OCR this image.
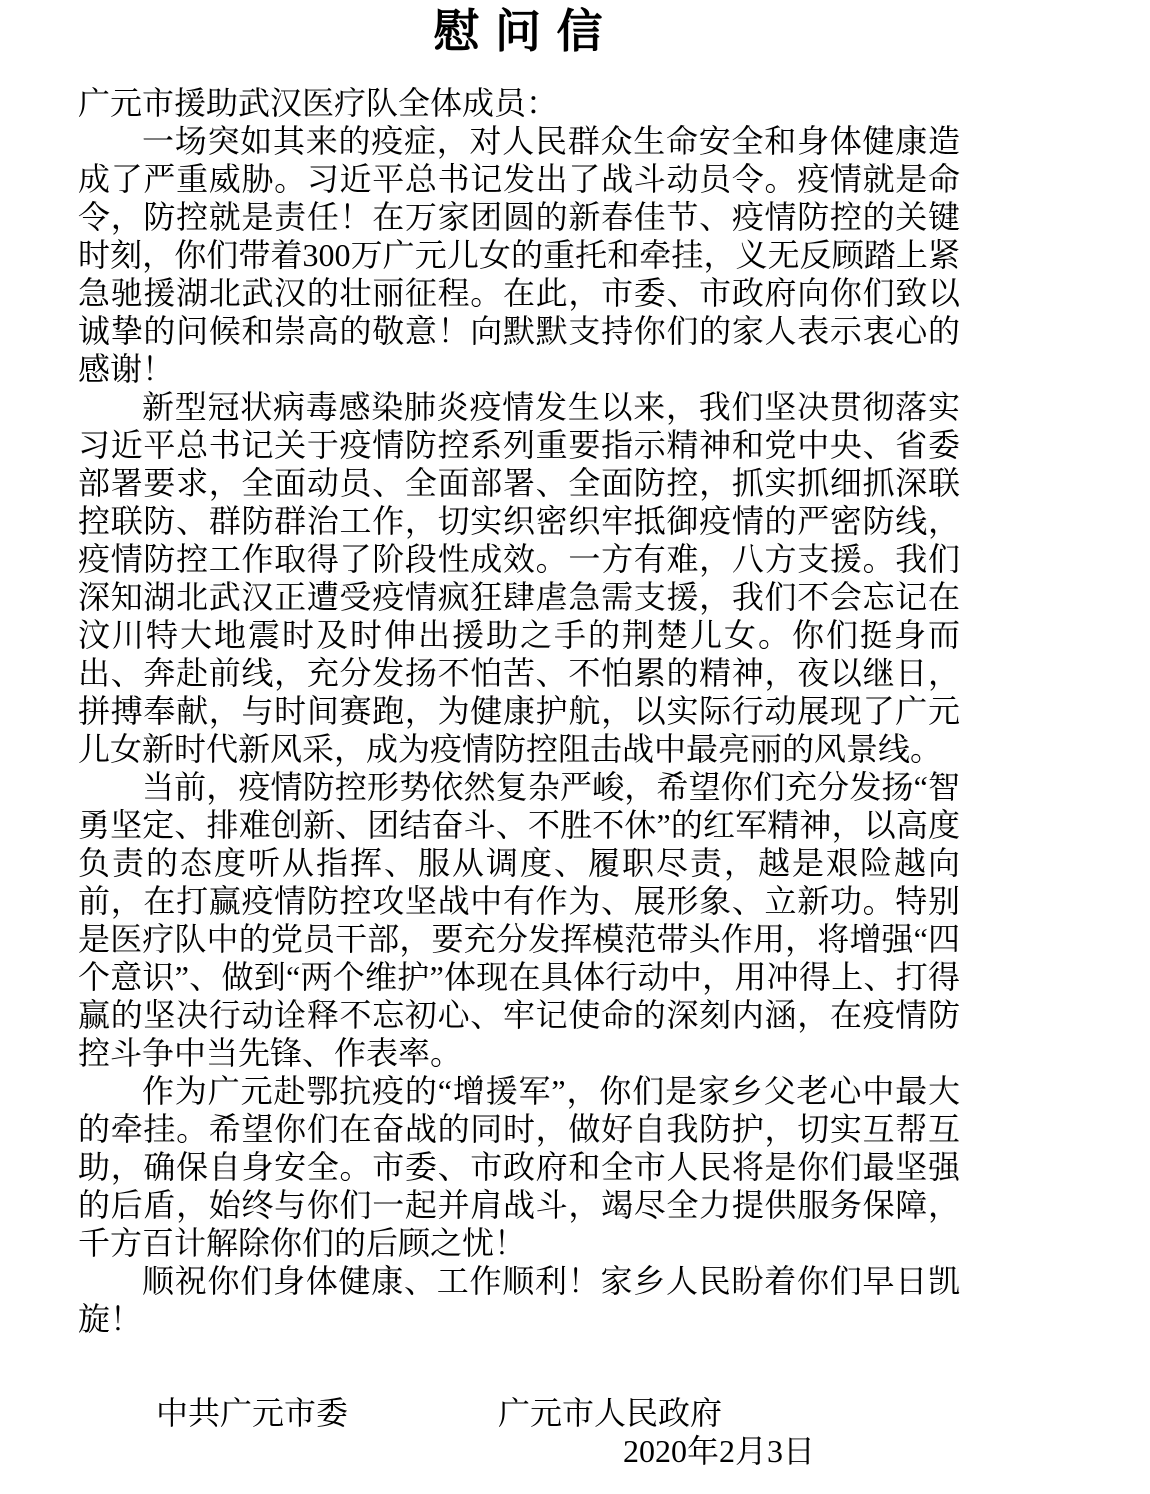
慰 问 信

广元市援助武汉医疗队全体成员：

一场突如其来的疫症，对人民群众生命安全和身体健康造成了严重威胁。习近平总书记发出了战斗动员令。疫情就是命令，防控就是责任！在万家团圆的新春佳节、疫情防控的关键时刻，你们带着300万广元儿女的重托和牵挂，义无反顾踏上紧急驰援湖北武汉的壮丽征程。在此，市委、市政府向你们致以诚挚的问候和崇高的敬意！向默默支持你们的家人表示衷心的感谢！

新型冠状病毒感染肺炎疫情发生以来，我们坚决贯彻落实习近平总书记关于疫情防控系列重要指示精神和党中央、省委部署要求，全面动员、全面部署、全面防控，抓实抓细抓深联控联防、群防群治工作，切实织密织牢抵御疫情的严密防线，疫情防控工作取得了阶段性成效。一方有难，八方支援。我们深知湖北武汉正遭受疫情疯狂肆虐急需支援，我们不会忘记在汶川特大地震时及时伸出援助之手的荆楚儿女。你们挺身而出、奔赴前线，充分发扬不怕苦、不怕累的精神，夜以继日，拼搏奉献，与时间赛跑，为健康护航，以实际行动展现了广元儿女新时代新风采，成为疫情防控阻击战中最亮丽的风景线。

当前，疫情防控形势依然复杂严峻，希望你们充分发扬“智勇坚定、排难创新、团结奋斗、不胜不休”的红军精神，以高度负责的态度听从指挥、服从调度、履职尽责，越是艰险越向前，在打赢疫情防控攻坚战中有作为、展形象、立新功。特别是医疗队中的党员干部，要充分发挥模范带头作用，将增强“四个意识”、做到“两个维护”体现在具体行动中，用冲得上、打得赢的坚决行动诠释不忘初心、牢记使命的深刻内涵，在疫情防控斗争中当先锋、作表率。

作为广元赴鄂抗疫的“增援军”，你们是家乡父老心中最大的牵挂。希望你们在奋战的同时，做好自我防护，切实互帮互助，确保自身安全。市委、市政府和全市人民将是你们最坚强的后盾，始终与你们一起并肩战斗，竭尽全力提供服务保障，千方百计解除你们的后顾之忧！

顺祝你们身体健康、工作顺利！家乡人民盼着你们早日凯旋！

中共广元市委	广元市人民政府
2020年2月3日
